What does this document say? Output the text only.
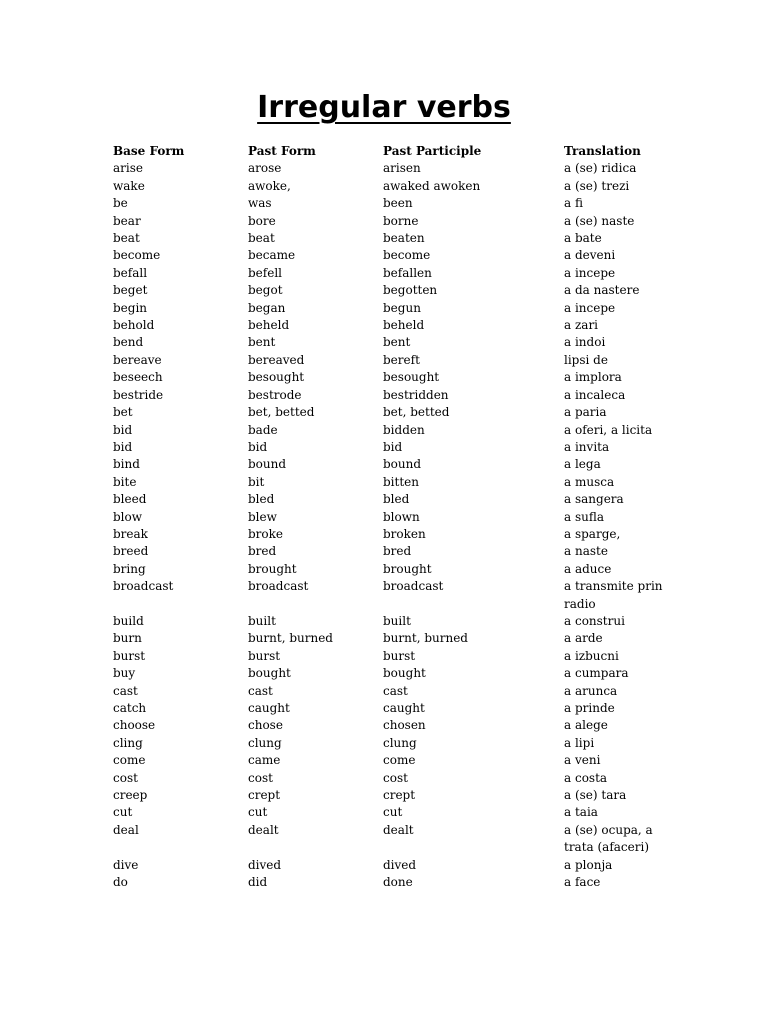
Irregular verbs
Base Form	Past Form	Past Participle	Translation
arise	arose	arisen	a (se) ridica
wake	awoke,	awaked awoken	a (se) trezi
be	was	been	a fi
bear	bore	borne	a (se) naste
beat	beat	beaten	a bate
become	became	become	a deveni
befall	befell	befallen	a incepe
beget	begot	begotten	a da nastere
begin	began	begun	a incepe
behold	beheld	beheld	a zari
bend	bent	bent	a indoi
bereave	bereaved	bereft	lipsi de
beseech	besought	besought	a implora
bestride	bestrode	bestridden	a incaleca
bet	bet, betted	bet, betted	a paria
bid	bade	bidden	a oferi, a licita
bid	bid	bid	a invita
bind	bound	bound	a lega
bite	bit	bitten	a musca
bleed	bled	bled	a sangera
blow	blew	blown	a sufla
break	broke	broken	a sparge,
breed	bred	bred	a naste
bring	brought	brought	a aduce
broadcast	broadcast	broadcast	a transmite prin radio
build	built	built	a construi
burn	burnt, burned	burnt, burned	a arde
burst	burst	burst	a izbucni
buy	bought	bought	a cumpara
cast	cast	cast	a arunca
catch	caught	caught	a prinde
choose	chose	chosen	a alege
cling	clung	clung	a lipi
come	came	come	a veni
cost	cost	cost	a costa
creep	crept	crept	a (se) tara
cut	cut	cut	a taia
deal	dealt	dealt	a (se) ocupa, a trata (afaceri)
dive	dived	dived	a plonja
do	did	done	a face
